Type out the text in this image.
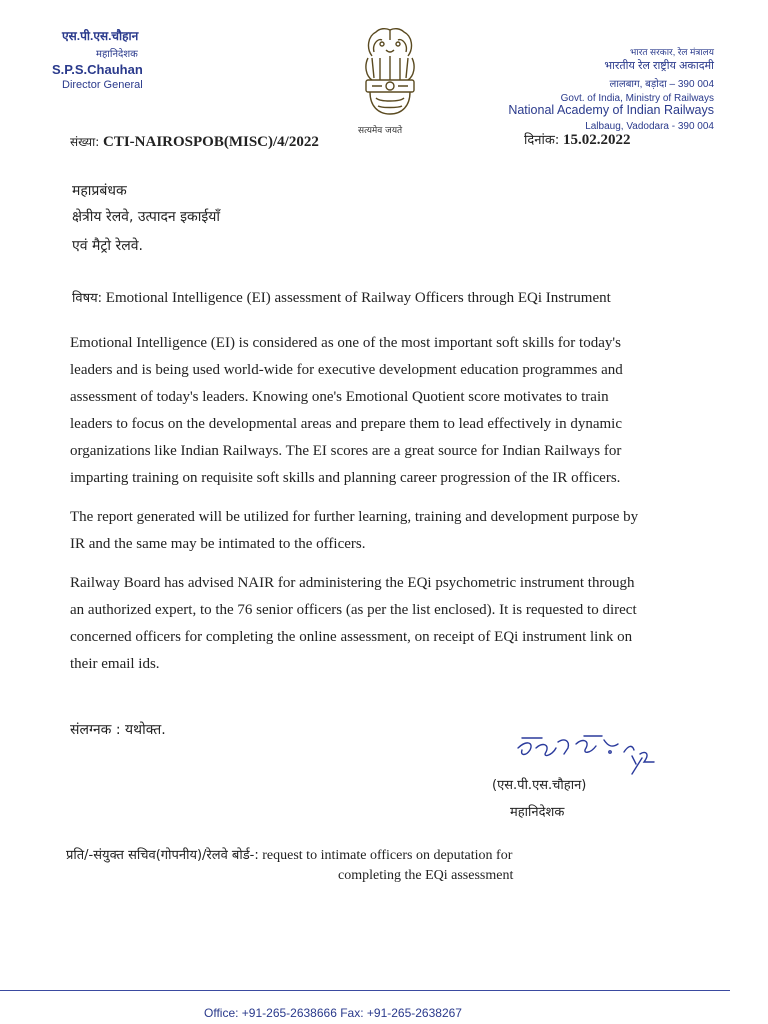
एस.पी.एस.चौहान
महानिदेशक
S.P.S.Chauhan
Director General
सत्यमेव जयते
भारत सरकार, रेल मंत्रालय
भारतीय रेल राष्ट्रीय अकादमी
लालबाग, बड़ोदा – 390 004
Govt. of India, Ministry of Railways
National Academy of Indian Railways
Lalbaug, Vadodara - 390 004
संख्या: CTI-NAIROSPOB(MISC)/4/2022	दिनांक: 15.02.2022
महाप्रबंधक
क्षेत्रीय रेलवे, उत्पादन इकाईयाँ
एवं मैट्रो रेलवे.
विषय: Emotional Intelligence (EI) assessment of Railway Officers through EQi Instrument
Emotional Intelligence (EI) is considered as one of the most important soft skills for today's
leaders and is being used world-wide for executive development education programmes and
assessment of today's leaders. Knowing one's Emotional Quotient score motivates to train
leaders to focus on the developmental areas and prepare them to lead effectively in dynamic
organizations like Indian Railways. The EI scores are a great source for Indian Railways for
imparting training on requisite soft skills and planning career progression of the IR officers.
The report generated will be utilized for further learning, training and development purpose by
IR and the same may be intimated to the officers.
Railway Board has advised NAIR for administering the EQi psychometric instrument through
an authorized expert, to the 76 senior officers (as per the list enclosed). It is requested to direct
concerned officers for completing the online assessment, on receipt of EQi instrument link on
their email ids.
संलग्नक : यथोक्त.
(एस.पी.एस.चौहान)
महानिदेशक
प्रति/-संयुक्त सचिव(गोपनीय)/रेलवे बोर्ड-: request to intimate officers on deputation for
completing the EQi assessment
Office: +91-265-2638666 Fax: +91-265-2638267
